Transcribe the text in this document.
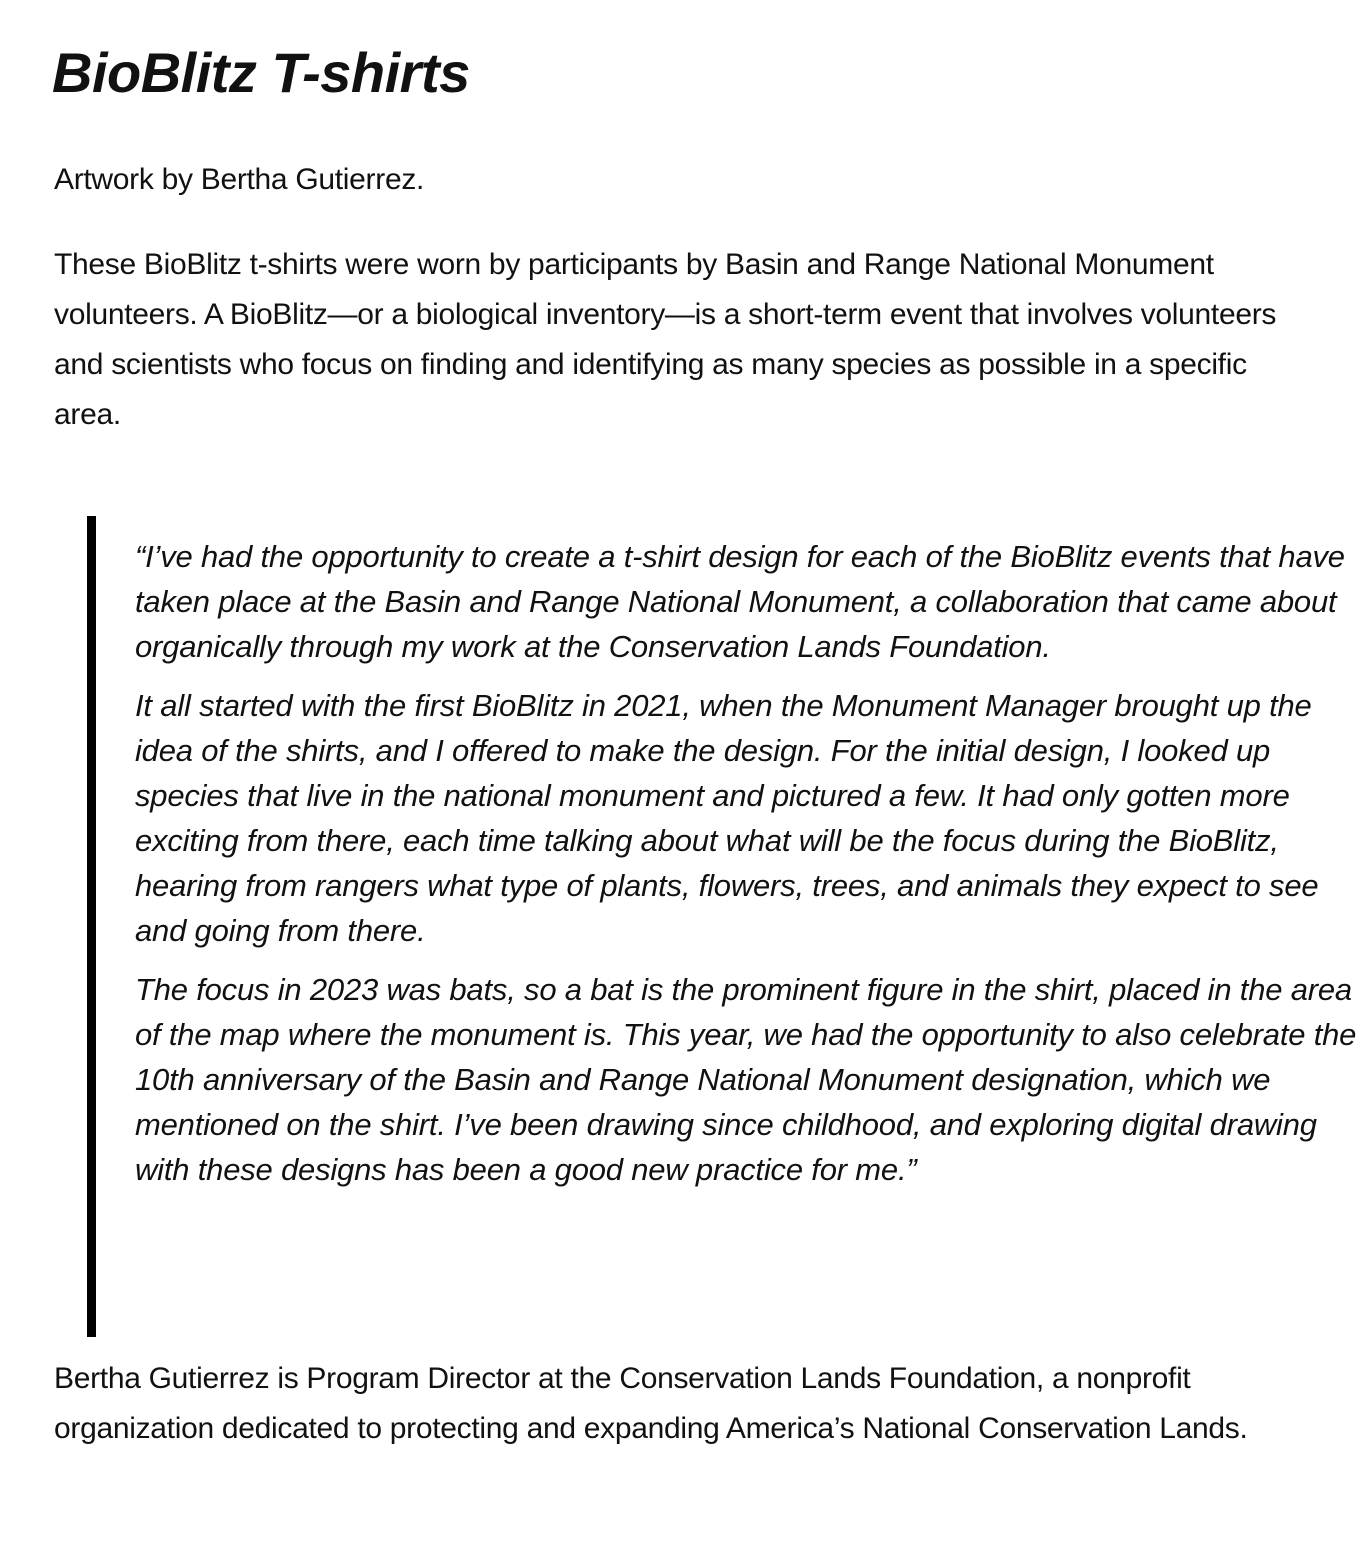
BioBlitz T-shirts

Artwork by Bertha Gutierrez.

These BioBlitz t-shirts were worn by participants by Basin and Range National Monument volunteers. A BioBlitz—or a biological inventory—is a short-term event that involves volunteers and scientists who focus on finding and identifying as many species as possible in a specific area.

“I’ve had the opportunity to create a t-shirt design for each of the BioBlitz events that have taken place at the Basin and Range National Monument, a collaboration that came about organically through my work at the Conservation Lands Foundation.

It all started with the first BioBlitz in 2021, when the Monument Manager brought up the idea of the shirts, and I offered to make the design. For the initial design, I looked up species that live in the national monument and pictured a few. It had only gotten more exciting from there, each time talking about what will be the focus during the BioBlitz, hearing from rangers what type of plants, flowers, trees, and animals they expect to see and going from there.

The focus in 2023 was bats, so a bat is the prominent figure in the shirt, placed in the area of the map where the monument is. This year, we had the opportunity to also celebrate the 10th anniversary of the Basin and Range National Monument designation, which we mentioned on the shirt. I’ve been drawing since childhood, and exploring digital drawing with these designs has been a good new practice for me.”

Bertha Gutierrez is Program Director at the Conservation Lands Foundation, a nonprofit organization dedicated to protecting and expanding America’s National Conservation Lands.
